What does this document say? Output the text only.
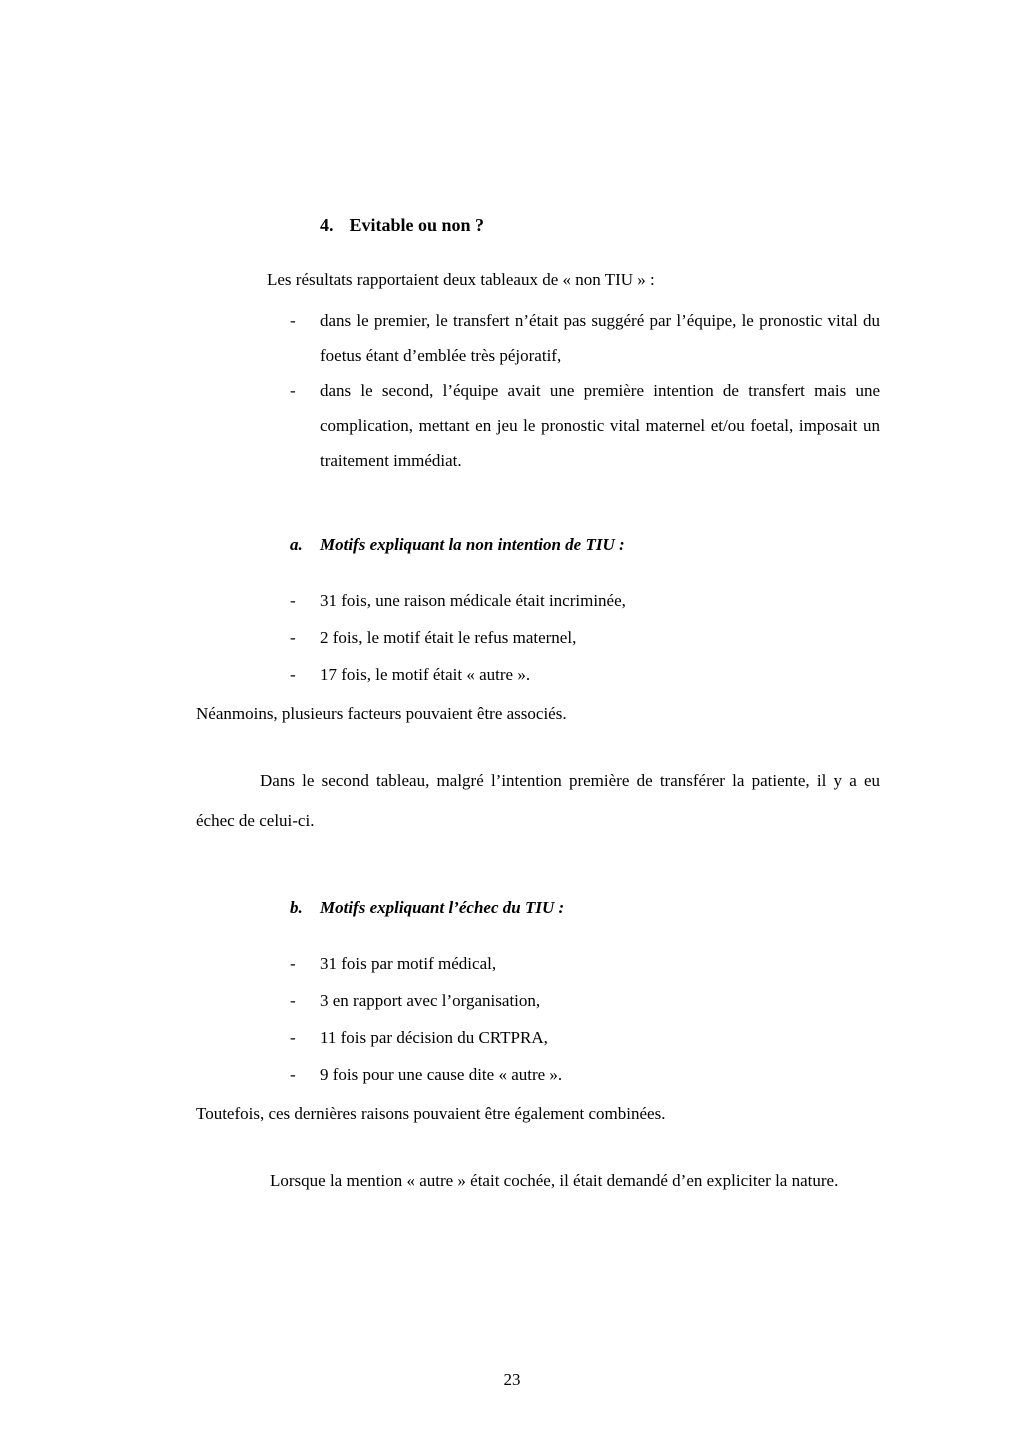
4. Evitable ou non ?

Les résultats rapportaient deux tableaux de « non TIU » :

-	dans le premier, le transfert n’était pas suggéré par l’équipe, le pronostic vital du foetus étant d’emblée très péjoratif,
-	dans le second, l’équipe avait une première intention de transfert mais une complication, mettant en jeu le pronostic vital maternel et/ou foetal, imposait un traitement immédiat.
a.	Motifs expliquant la non intention de TIU :
-	31 fois, une raison médicale était incriminée,
-	2 fois, le motif était le refus maternel,
-	17 fois, le motif était « autre ».

Néanmoins, plusieurs facteurs pouvaient être associés.

Dans le second tableau, malgré l’intention première de transférer la patiente, il y a eu échec de celui-ci.

b.	Motifs expliquant l’échec du TIU :
-	31 fois par motif médical,
-	3 en rapport avec l’organisation,
-	11 fois par décision du CRTPRA,
-	9 fois pour une cause dite « autre ».

Toutefois, ces dernières raisons pouvaient être également combinées.

Lorsque la mention « autre » était cochée, il était demandé d’en expliciter la nature.

23
